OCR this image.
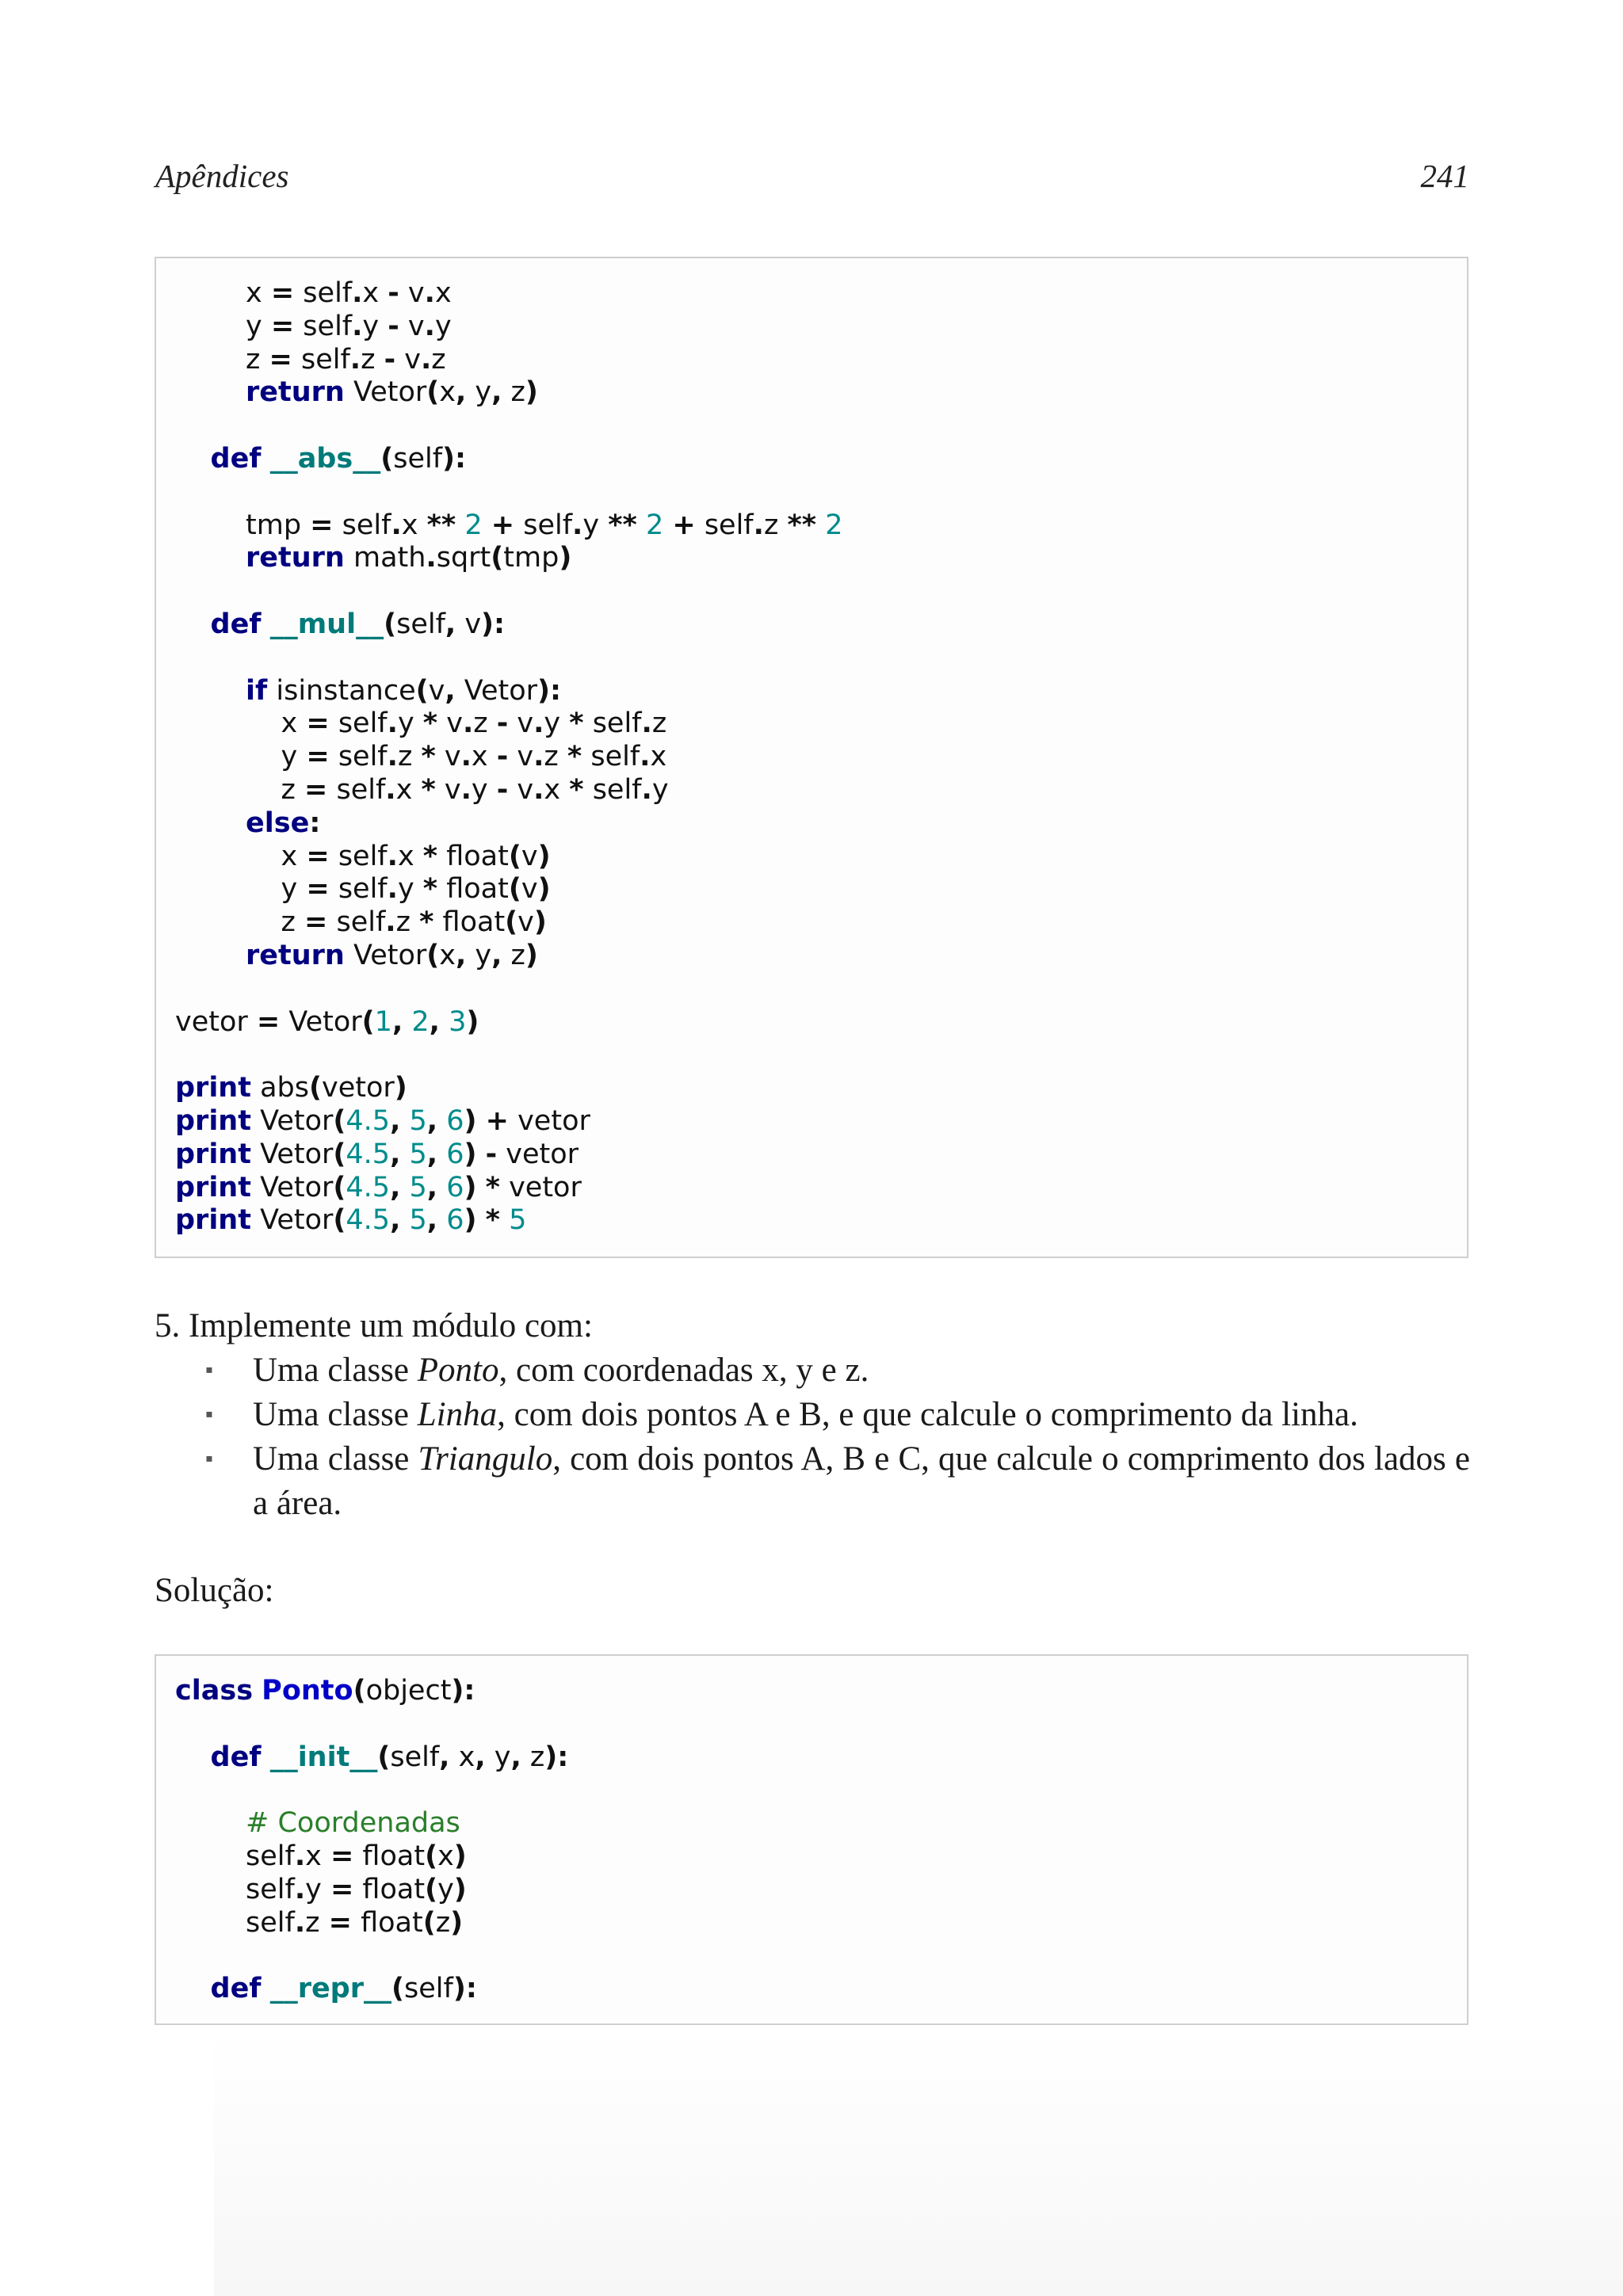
Apêndices	241
x = self.x - v.x
y = self.y - v.y
z = self.z - v.z
return Vetor(x, y, z)

def __abs__(self):

tmp = self.x ** 2 + self.y ** 2 + self.z ** 2
return math.sqrt(tmp)

def __mul__(self, v):

if isinstance(v, Vetor):
x = self.y * v.z - v.y * self.z
y = self.z * v.x - v.z * self.x
z = self.x * v.y - v.x * self.y
else:
x = self.x * float(v)
y = self.y * float(v)
z = self.z * float(v)
return Vetor(x, y, z)

vetor = Vetor(1, 2, 3)

print abs(vetor)
print Vetor(4.5, 5, 6) + vetor
print Vetor(4.5, 5, 6) - vetor
print Vetor(4.5, 5, 6) * vetor
print Vetor(4.5, 5, 6) * 5
5. Implemente um módulo com:
▪ Uma classe Ponto, com coordenadas x, y e z.
▪ Uma classe Linha, com dois pontos A e B, e que calcule o comprimento da linha.
▪ Uma classe Triangulo, com dois pontos A, B e C, que calcule o comprimento dos lados e a área.
Solução:
class Ponto(object):

def __init__(self, x, y, z):

# Coordenadas
self.x = float(x)
self.y = float(y)
self.z = float(z)

def __repr__(self):
